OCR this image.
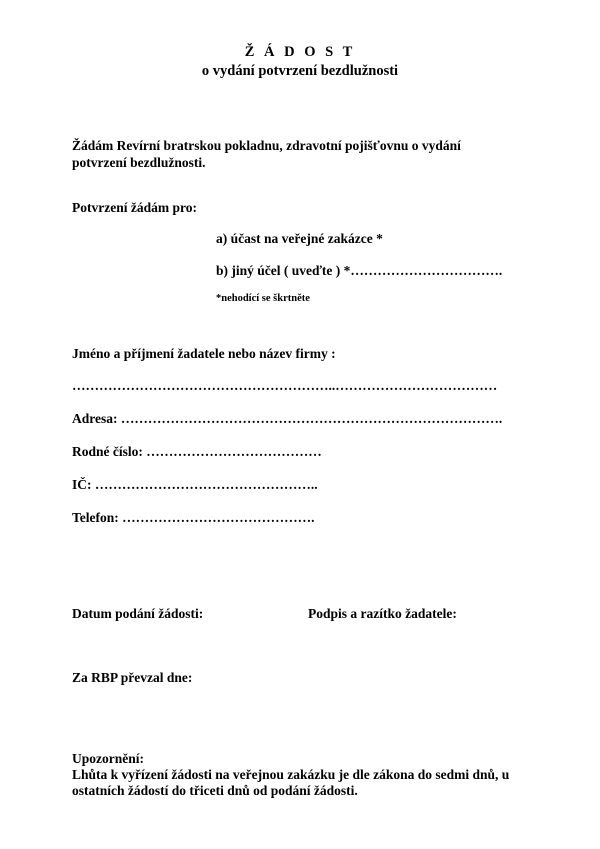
Ž Á D O S T
o vydání potvrzení bezdlužnosti
Žádám Revírní bratrskou pokladnu, zdravotní pojišťovnu o vydání
potvrzení bezdlužnosti.
Potvrzení žádám pro:
a) účast na veřejné zakázce *
b) jiný účel ( uveďte ) *…………………………….
*nehodící se škrtněte
Jméno a příjmení žadatele nebo název firmy :
…………………………………………………..………………………………
Adresa: ………………………………………………………………………….
Rodné číslo: …………………………………
IČ: …………………………………………..
Telefon: …………………………………….
Datum podání žádosti:	Podpis a razítko žadatele:
Za RBP převzal dne:
Upozornění:
Lhůta k vyřízení žádosti na veřejnou zakázku je dle zákona do sedmi dnů, u
ostatních žádostí do třiceti dnů od podání žádosti.
